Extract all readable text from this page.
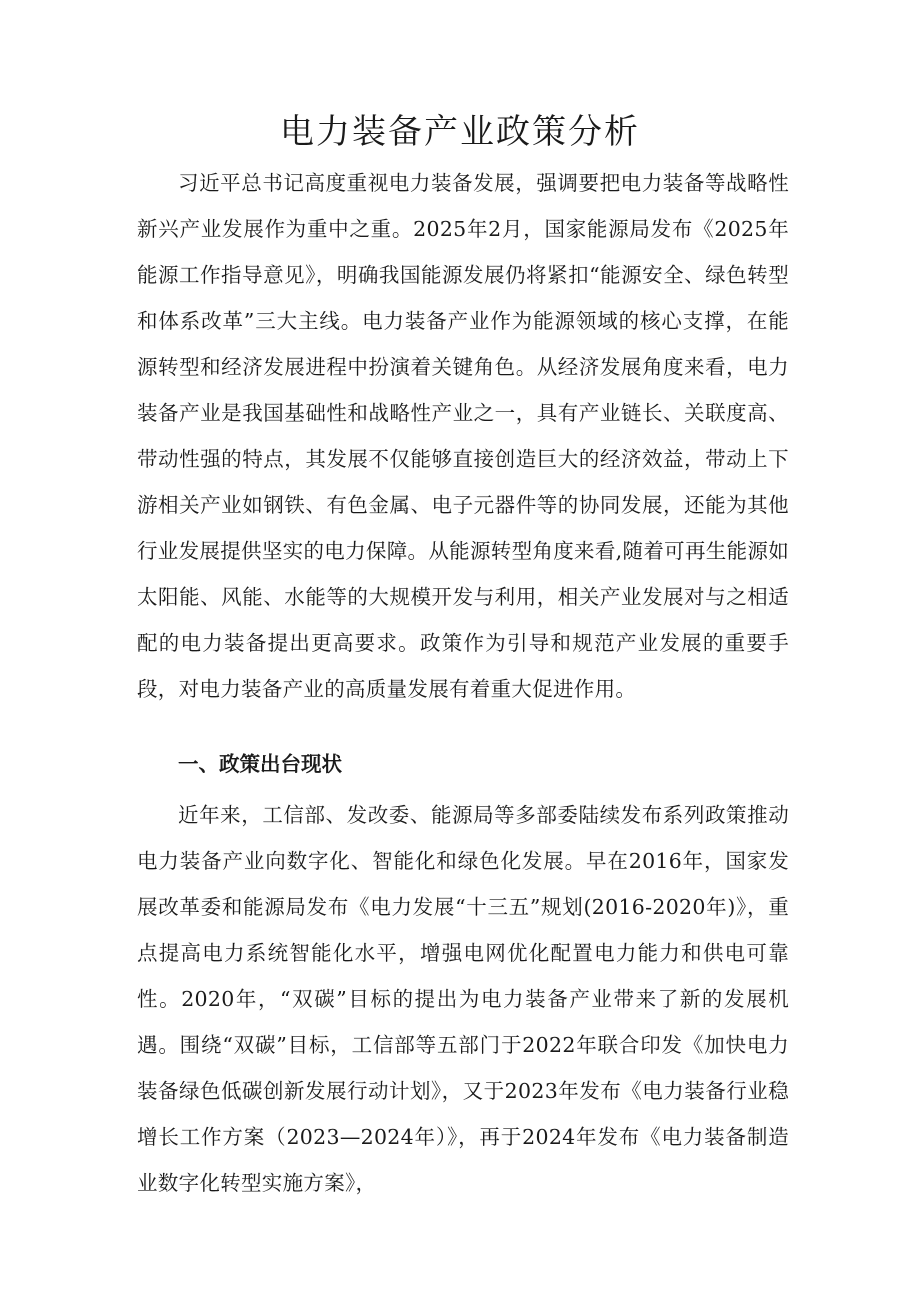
电力装备产业政策分析

习近平总书记高度重视电力装备发展，强调要把电力装备等战略性新兴产业发展作为重中之重。2025年2月，国家能源局发布《2025年能源工作指导意见》，明确我国能源发展仍将紧扣“能源安全、绿色转型和体系改革”三大主线。电力装备产业作为能源领域的核心支撑，在能源转型和经济发展进程中扮演着关键角色。从经济发展角度来看，电力装备产业是我国基础性和战略性产业之一，具有产业链长、关联度高、带动性强的特点，其发展不仅能够直接创造巨大的经济效益，带动上下游相关产业如钢铁、有色金属、电子元器件等的协同发展，还能为其他行业发展提供坚实的电力保障。从能源转型角度来看,随着可再生能源如太阳能、风能、水能等的大规模开发与利用，相关产业发展对与之相适配的电力装备提出更高要求。政策作为引导和规范产业发展的重要手段，对电力装备产业的高质量发展有着重大促进作用。

一、政策出台现状

近年来，工信部、发改委、能源局等多部委陆续发布系列政策推动电力装备产业向数字化、智能化和绿色化发展。早在2016年，国家发展改革委和能源局发布《电力发展“十三五”规划(2016-2020年)》，重点提高电力系统智能化水平，增强电网优化配置电力能力和供电可靠性。2020年，“双碳”目标的提出为电力装备产业带来了新的发展机遇。围绕“双碳”目标，工信部等五部门于2022年联合印发《加快电力装备绿色低碳创新发展行动计划》，又于2023年发布《电力装备行业稳增长工作方案（2023—2024年）》，再于2024年发布《电力装备制造业数字化转型实施方案》，
